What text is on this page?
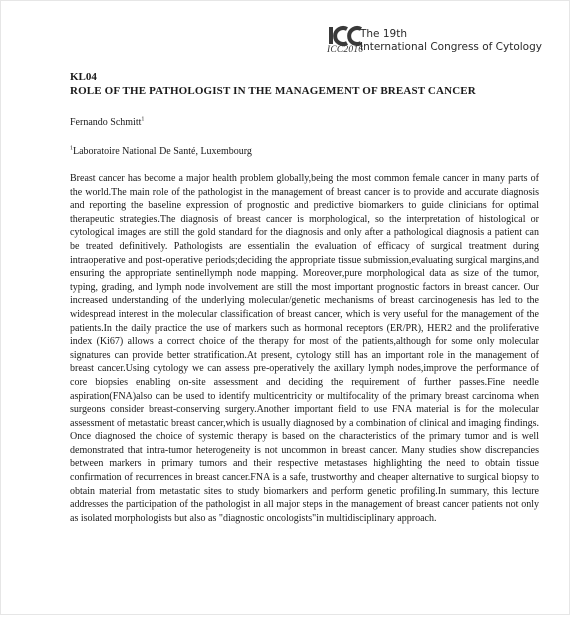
ICC2016
The 19th
International Congress of Cytology
KL04
ROLE OF THE PATHOLOGIST IN THE MANAGEMENT OF BREAST CANCER
Fernando Schmitt$^1$
$^1$Laboratoire National De Santé, Luxembourg
Breast cancer has become a major health problem globally,being the most common female cancer in many parts of the world.The main role of the pathologist in the management of breast cancer is to provide and accurate diagnosis and reporting the baseline expression of prognostic and predictive biomarkers to guide clinicians for optimal therapeutic strategies.The diagnosis of breast cancer is morphological, so the interpretation of histological or cytological images are still the gold standard for the diagnosis and only after a pathological diagnosis a patient can be treated definitively. Pathologists are essentialin the evaluation of efficacy of surgical treatment during intraoperative and post-operative periods;deciding the appropriate tissue submission,evaluating surgical margins,and ensuring the appropriate sentinellymph node mapping. Moreover,pure morphological data as size of the tumor, typing, grading, and lymph node involvement are still the most important prognostic factors in breast cancer. Our increased understanding of the underlying molecular/genetic mechanisms of breast carcinogenesis has led to the widespread interest in the molecular classification of breast cancer, which is very useful for the management of the patients.In the daily practice the use of markers such as hormonal receptors (ER/PR), HER2 and the proliferative index (Ki67) allows a correct choice of the therapy for most of the patients,although for some only molecular signatures can provide better stratification.At present, cytology still has an important role in the management of breast cancer.Using cytology we can assess pre-operatively the axillary lymph nodes,improve the performance of core biopsies enabling on-site assessment and deciding the requirement of further passes.Fine needle aspiration(FNA)also can be used to identify multicentricity or multifocality of the primary breast carcinoma when surgeons consider breast-conserving surgery.Another important field to use FNA material is for the molecular assessment of metastatic breast cancer,which is usually diagnosed by a combination of clinical and imaging findings. Once diagnosed the choice of systemic therapy is based on the characteristics of the primary tumor and is well demonstrated that intra-tumor heterogeneity is not uncommon in breast cancer. Many studies show discrepancies between markers in primary tumors and their respective metastases highlighting the need to obtain tissue confirmation of recurrences in breast cancer.FNA is a safe, trustworthy and cheaper alternative to surgical biopsy to obtain material from metastatic sites to study biomarkers and perform genetic profiling.In summary, this lecture addresses the participation of the pathologist in all major steps in the management of breast cancer patients not only as isolated morphologists but also as "diagnostic oncologists"in multidisciplinary approach.
